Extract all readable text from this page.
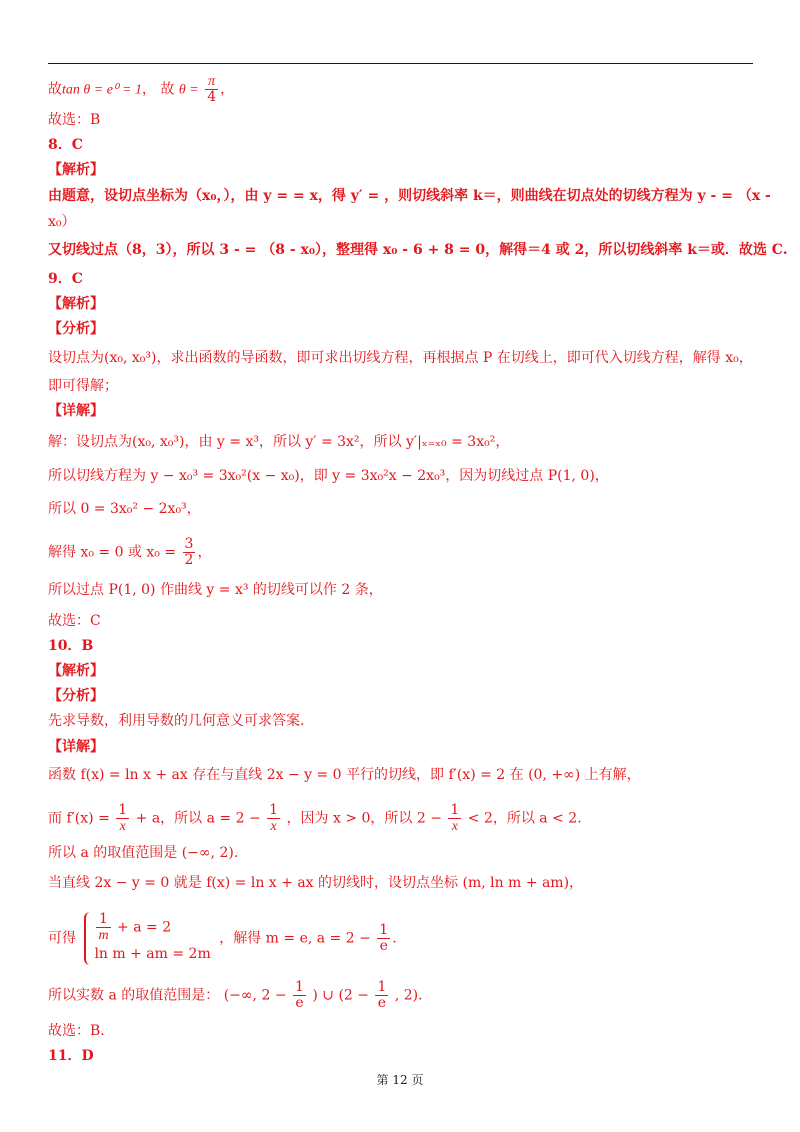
故tan θ = e⁰ = 1， 故 $\theta = \frac{\pi}{4}$ ，
故选：B
8．C
【解析】
由题意，设切点坐标为（x₀，），由 y = = x，得 y′ = ，则切线斜率 k＝，则曲线在切点处的切线方程为 y - = （x -
x₀）
又切线过点（8，3），所以 3 - = （8 - x₀），整理得 x₀ - 6 + 8 = 0，解得＝4 或 2，所以切线斜率 k＝或．故选 C.
9．C
【解析】
【分析】
设切点为(x₀, x₀³)，求出函数的导函数，即可求出切线方程，再根据点 P 在切线上，即可代入切线方程，解得 x₀，
即可得解；
【详解】
解：设切点为(x₀, x₀³)，由 y = x³，所以 y′ = 3x²，所以 y′|ₓ₌ₓ₀ = 3x₀²，
所以切线方程为 y − x₀³ = 3x₀²(x − x₀)，即 y = 3x₀²x − 2x₀³，因为切线过点 P(1, 0)，
所以 0 = 3x₀² − 2x₀³，
解得 x₀ = 0 或 $x_0 = \frac{3}{2}$ ，
所以过点 P(1, 0) 作曲线 y = x³ 的切线可以作 2 条，
故选：C
10．B
【解析】
【分析】
先求导数，利用导数的几何意义可求答案.
【详解】
函数 f(x) = ln x + ax 存在与直线 2x − y = 0 平行的切线，即 f′(x) = 2 在 (0, +∞) 上有解，
而 $f'(x) = \frac{1}{x} + a$，所以 $a = 2 - \frac{1}{x}$ ，因为 x > 0，所以 $2 - \frac{1}{x} < 2$，所以 a < 2.
所以 a 的取值范围是 (−∞, 2).
当直线 2x − y = 0 就是 f(x) = ln x + ax 的切线时，设切点坐标 (m, ln m + am)，
可得 $\frac{1}{m} + a = 2$
ln m + am = 2m
，解得 m = e, $a = 2 - \frac{1}{e}$ .
所以实数 a 的取值范围是： (−∞, $2 - \frac{1}{e}$ ) ∪ ($2 - \frac{1}{e}$ , 2).
故选：B.
11．D
第 12 页
